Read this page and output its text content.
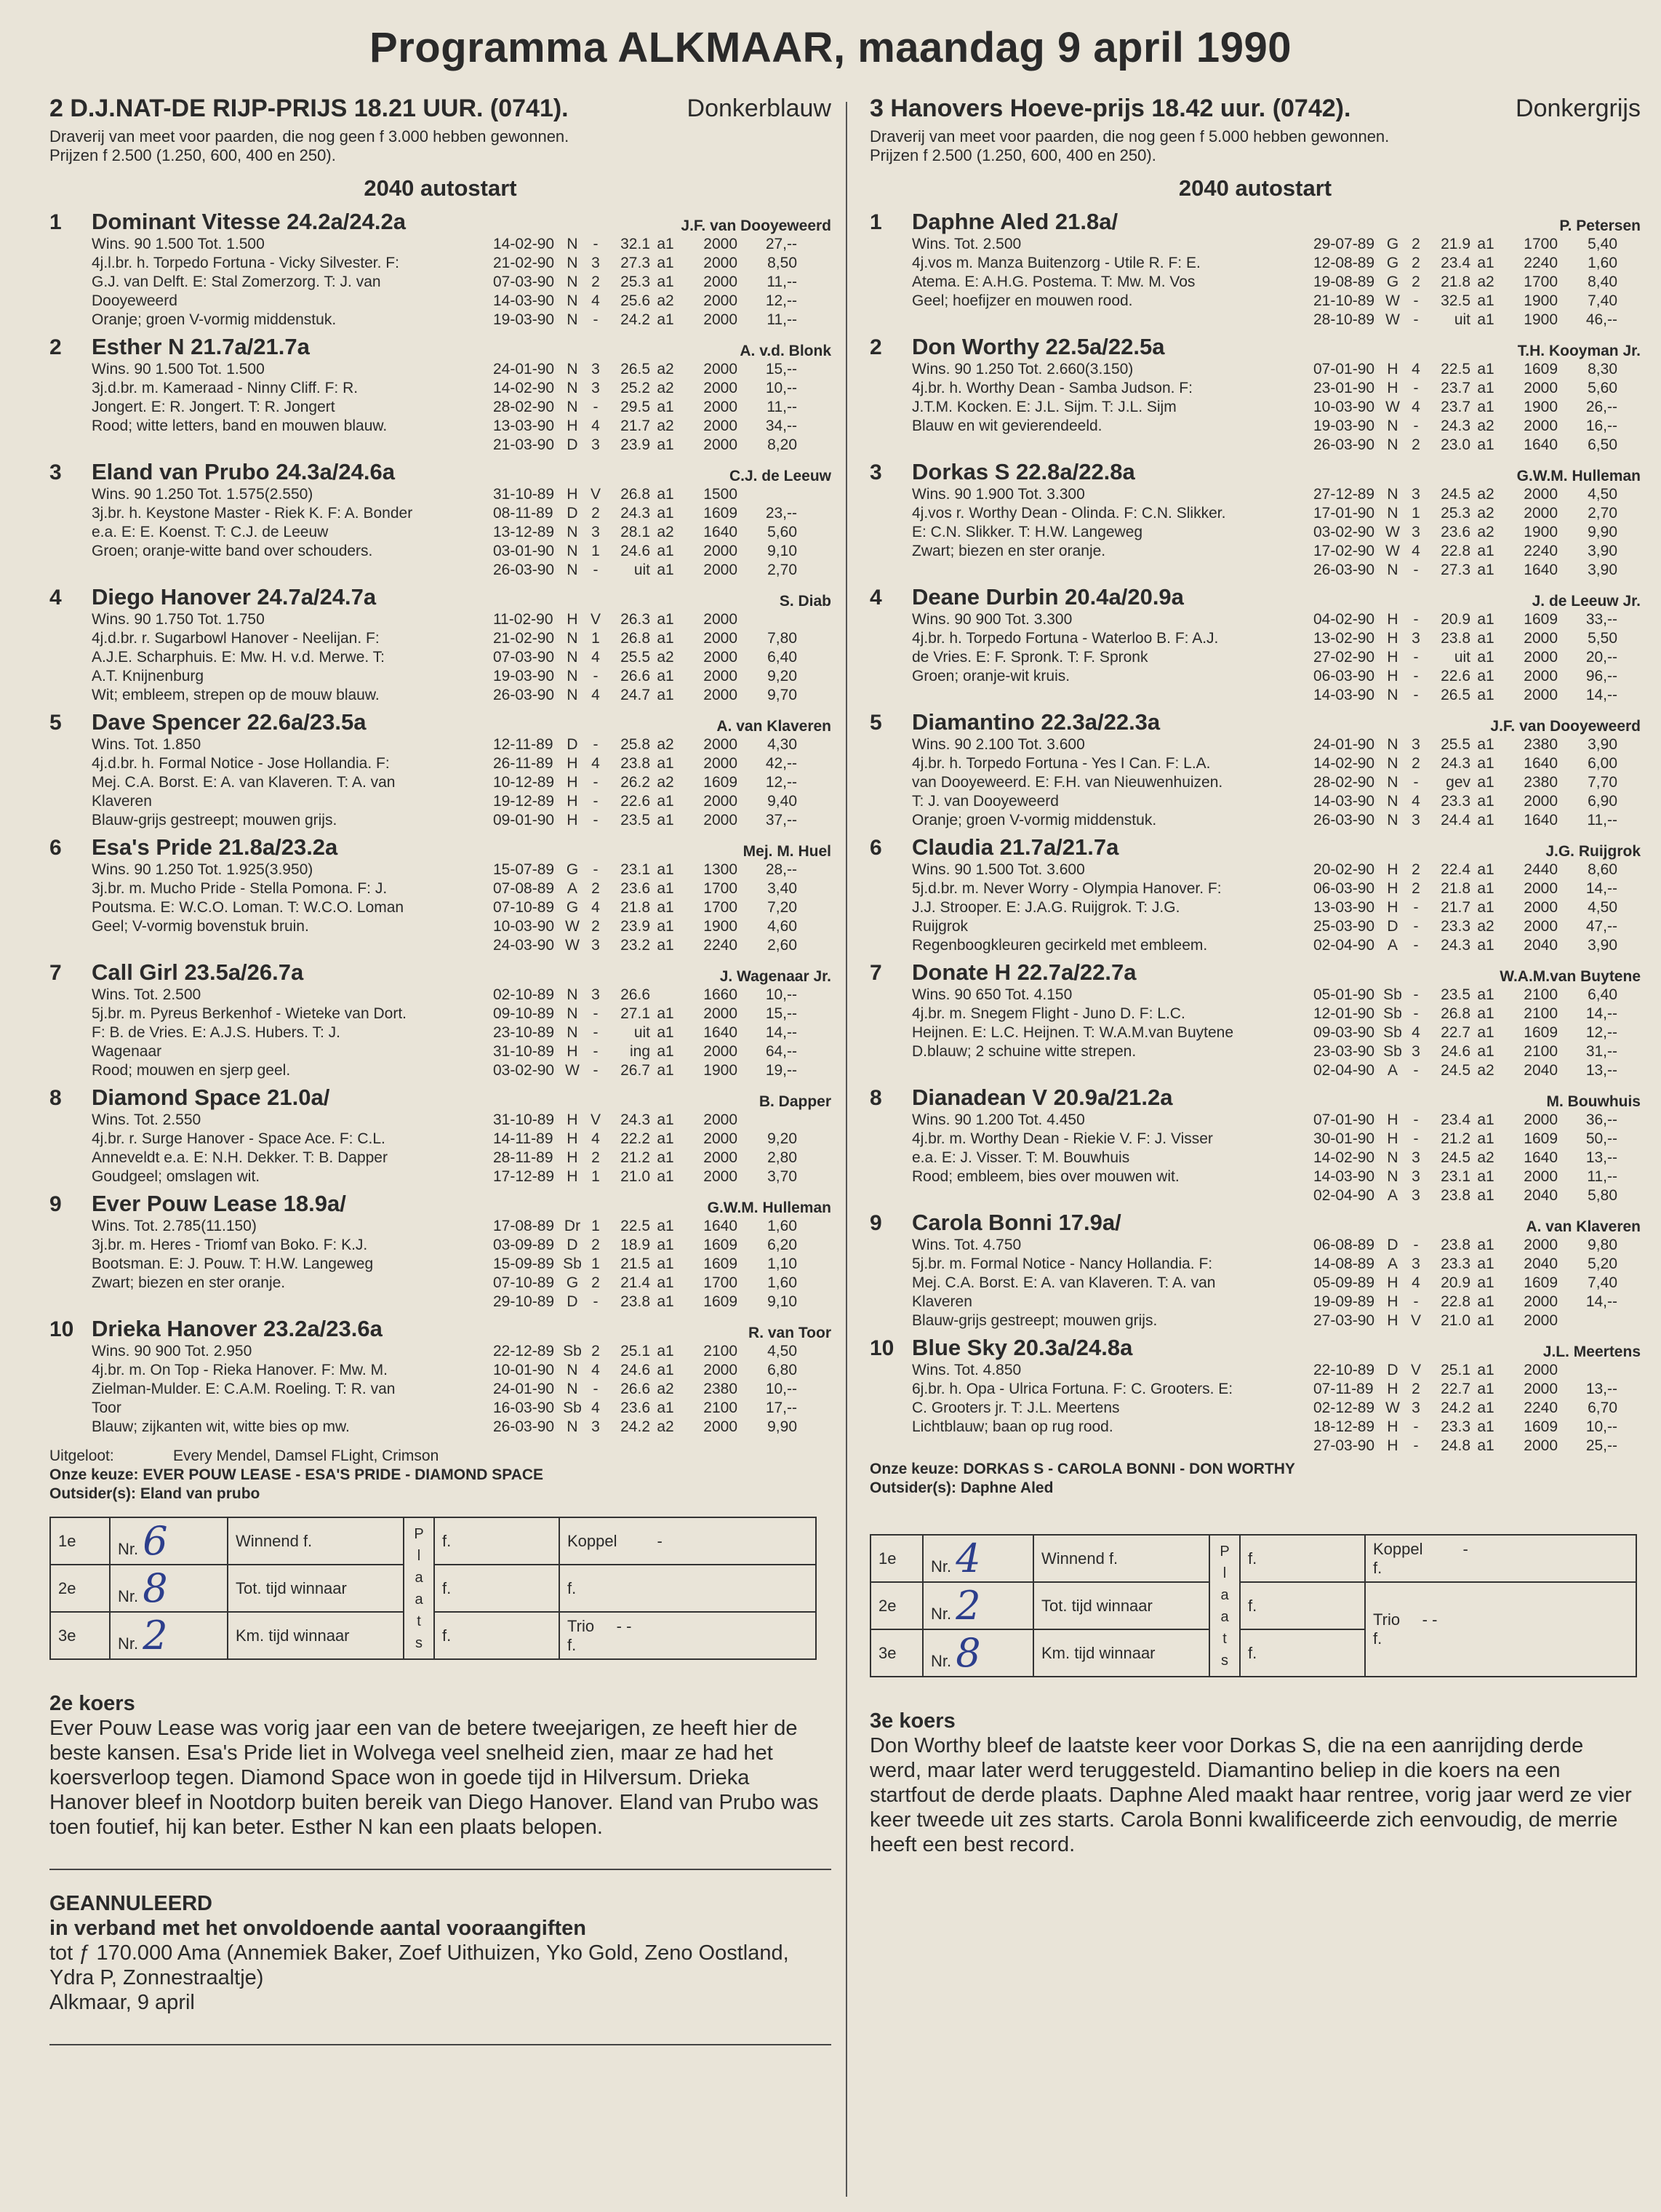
Programma ALKMAAR, maandag 9 april 1990
2 D.J.NAT-DE RIJP-PRIJS 18.21 UUR. (0741).	Donkerblauw
Draverij van meet voor paarden, die nog geen f 3.000 hebben gewonnen.
Prijzen f 2.500 (1.250, 600, 400 en 250).
2040 autostart
1	Dominant Vitesse 24.2a/24.2a	J.F. van Dooyeweerd
Wins. 90 1.500 Tot. 1.500	14-02-90 N -	32.1 a1	2000	27,--
4j.l.br. h. Torpedo Fortuna - Vicky Silvester. F:	21-02-90 N 3	27.3 a1	2000	8,50
G.J. van Delft. E: Stal Zomerzorg. T: J. van	07-03-90 N 2	25.3 a1	2000	11,--
Dooyeweerd	14-03-90 N 4	25.6 a2	2000	12,--
Oranje; groen V-vormig middenstuk.	19-03-90 N -	24.2 a1	2000	11,--
2	Esther N 21.7a/21.7a	A. v.d. Blonk
Wins. 90 1.500 Tot. 1.500	24-01-90 N 3	26.5 a2	2000	15,--
3j.d.br. m. Kameraad - Ninny Cliff. F: R.	14-02-90 N 3	25.2 a2	2000	10,--
Jongert. E: R. Jongert. T: R. Jongert	28-02-90 N -	29.5 a1	2000	11,--
Rood; witte letters, band en mouwen blauw.	13-03-90 H 4	21.7 a2	2000	34,--
21-03-90 D 3	23.9 a1	2000	8,20
3	Eland van Prubo 24.3a/24.6a	C.J. de Leeuw
Wins. 90 1.250 Tot. 1.575(2.550)	31-10-89 H V	26.8 a1	1500
3j.br. h. Keystone Master - Riek K. F: A. Bonder	08-11-89 D 2	24.3 a1	1609	23,--
e.a. E: E. Koenst. T: C.J. de Leeuw	13-12-89 N 3	28.1 a2	1640	5,60
Groen; oranje-witte band over schouders.	03-01-90 N 1	24.6 a1	2000	9,10
26-03-90 N -	uit a1	2000	2,70
4	Diego Hanover 24.7a/24.7a	S. Diab
Wins. 90 1.750 Tot. 1.750	11-02-90 H V	26.3 a1	2000
4j.d.br. r. Sugarbowl Hanover - Neelijan. F:	21-02-90 N 1	26.8 a1	2000	7,80
A.J.E. Scharphuis. E: Mw. H. v.d. Merwe. T:	07-03-90 N 4	25.5 a2	2000	6,40
A.T. Knijnenburg	19-03-90 N -	26.6 a1	2000	9,20
Wit; embleem, strepen op de mouw blauw.	26-03-90 N 4	24.7 a1	2000	9,70
5	Dave Spencer 22.6a/23.5a	A. van Klaveren
Wins. Tot. 1.850	12-11-89 D -	25.8 a2	2000	4,30
4j.d.br. h. Formal Notice - Jose Hollandia. F:	26-11-89 H 4	23.8 a1	2000	42,--
Mej. C.A. Borst. E: A. van Klaveren. T: A. van	10-12-89 H -	26.2 a2	1609	12,--
Klaveren	19-12-89 H -	22.6 a1	2000	9,40
Blauw-grijs gestreept; mouwen grijs.	09-01-90 H -	23.5 a1	2000	37,--
6	Esa's Pride 21.8a/23.2a	Mej. M. Huel
Wins. 90 1.250 Tot. 1.925(3.950)	15-07-89 G -	23.1 a1	1300	28,--
3j.br. m. Mucho Pride - Stella Pomona. F: J.	07-08-89 A 2	23.6 a1	1700	3,40
Poutsma. E: W.C.O. Loman. T: W.C.O. Loman	07-10-89 G 4	21.8 a1	1700	7,20
Geel; V-vormig bovenstuk bruin.	10-03-90 W 2	23.9 a1	1900	4,60
24-03-90 W 3	23.2 a1	2240	2,60
7	Call Girl 23.5a/26.7a	J. Wagenaar Jr.
Wins. Tot. 2.500	02-10-89 N 3	26.6	1660	10,--
5j.br. m. Pyreus Berkenhof - Wieteke van Dort.	09-10-89 N -	27.1 a1	2000	15,--
F: B. de Vries. E: A.J.S. Hubers. T: J.	23-10-89 N -	uit a1	1640	14,--
Wagenaar	31-10-89 H -	ing a1	2000	64,--
Rood; mouwen en sjerp geel.	03-02-90 W -	26.7 a1	1900	19,--
8	Diamond Space 21.0a/	B. Dapper
Wins. Tot. 2.550	31-10-89 H V	24.3 a1	2000
4j.br. r. Surge Hanover - Space Ace. F: C.L.	14-11-89 H 4	22.2 a1	2000	9,20
Anneveldt e.a. E: N.H. Dekker. T: B. Dapper	28-11-89 H 2	21.2 a1	2000	2,80
Goudgeel; omslagen wit.	17-12-89 H 1	21.0 a1	2000	3,70
9	Ever Pouw Lease 18.9a/	G.W.M. Hulleman
Wins. Tot. 2.785(11.150)	17-08-89 Dr 1	22.5 a1	1640	1,60
3j.br. m. Heres - Triomf van Boko. F: K.J.	03-09-89 D 2	18.9 a1	1609	6,20
Bootsman. E: J. Pouw. T: H.W. Langeweg	15-09-89 Sb 1	21.5 a1	1609	1,10
Zwart; biezen en ster oranje.	07-10-89 G 2	21.4 a1	1700	1,60
29-10-89 D -	23.8 a1	1609	9,10
10 Drieka Hanover 23.2a/23.6a	R. van Toor
Wins. 90 900 Tot. 2.950	22-12-89 Sb 2	25.1 a1	2100	4,50
4j.br. m. On Top - Rieka Hanover. F: Mw. M.	10-01-90 N 4	24.6 a1	2000	6,80
Zielman-Mulder. E: C.A.M. Roeling. T: R. van	24-01-90 N -	26.6 a2	2380	10,--
Toor	16-03-90 Sb 4	23.6 a1	2100	17,--
Blauw; zijkanten wit, witte bies op mw.	26-03-90 N 3	24.2 a2	2000	9,90
Uitgeloot:	Every Mendel, Damsel FLight, Crimson
Onze keuze: EVER POUW LEASE - ESA'S PRIDE - DIAMOND SPACE
Outsider(s): Eland van prubo
1e	Nr. 6	Winnend f.	P l a a t s	f.	Koppel -
2e	Nr. 8	Tot. tijd winnaar		f.	f.
3e	Nr. 2	Km. tijd winnaar		f.	Trio - -
f.
2e koers
Ever Pouw Lease was vorig jaar een van de betere tweejarigen, ze heeft hier de beste kansen. Esa's Pride liet in Wolvega veel snelheid zien, maar ze had het koersverloop tegen. Diamond Space won in goede tijd in Hilversum. Drieka Hanover bleef in Nootdorp buiten bereik van Diego Hanover. Eland van Prubo was toen foutief, hij kan beter. Esther N kan een plaats belopen.
GEANNULEERD
in verband met het onvoldoende aantal vooraangiften
tot ƒ 170.000 Ama (Annemiek Baker, Zoef Uithuizen, Yko Gold, Zeno Oostland, Ydra P, Zonnestraaltje)
Alkmaar, 9 april
3 Hanovers Hoeve-prijs 18.42 uur. (0742).	Donkergrijs
Draverij van meet voor paarden, die nog geen f 5.000 hebben gewonnen.
Prijzen f 2.500 (1.250, 600, 400 en 250).
2040 autostart
1	Daphne Aled 21.8a/	P. Petersen
Wins. Tot. 2.500	29-07-89 G 2	21.9 a1	1700	5,40
4j.vos m. Manza Buitenzorg - Utile R. F: E.	12-08-89 G 2	23.4 a1	2240	1,60
Atema. E: A.H.G. Postema. T: Mw. M. Vos	19-08-89 G 2	21.8 a2	1700	8,40
Geel; hoefijzer en mouwen rood.	21-10-89 W -	32.5 a1	1900	7,40
28-10-89 W -	uit a1	1900	46,--
2	Don Worthy 22.5a/22.5a	T.H. Kooyman Jr.
Wins. 90 1.250 Tot. 2.660(3.150)	07-01-90 H 4	22.5 a1	1609	8,30
4j.br. h. Worthy Dean - Samba Judson. F:	23-01-90 H -	23.7 a1	2000	5,60
J.T.M. Kocken. E: J.L. Sijm. T: J.L. Sijm	10-03-90 W 4	23.7 a1	1900	26,--
Blauw en wit gevierendeeld.	19-03-90 N -	24.3 a2	2000	16,--
26-03-90 N 2	23.0 a1	1640	6,50
3	Dorkas S 22.8a/22.8a	G.W.M. Hulleman
Wins. 90 1.900 Tot. 3.300	27-12-89 N 3	24.5 a2	2000	4,50
4j.vos r. Worthy Dean - Olinda. F: C.N. Slikker.	17-01-90 N 1	25.3 a2	2000	2,70
E: C.N. Slikker. T: H.W. Langeweg	03-02-90 W 3	23.6 a2	1900	9,90
Zwart; biezen en ster oranje.	17-02-90 W 4	22.8 a1	2240	3,90
26-03-90 N -	27.3 a1	1640	3,90
4	Deane Durbin 20.4a/20.9a	J. de Leeuw Jr.
Wins. 90 900 Tot. 3.300	04-02-90 H -	20.9 a1	1609	33,--
4j.br. h. Torpedo Fortuna - Waterloo B. F: A.J.	13-02-90 H 3	23.8 a1	2000	5,50
de Vries. E: F. Spronk. T: F. Spronk	27-02-90 H -	uit a1	2000	20,--
Groen; oranje-wit kruis.	06-03-90 H -	22.6 a1	2000	96,--
14-03-90 N -	26.5 a1	2000	14,--
5	Diamantino 22.3a/22.3a	J.F. van Dooyeweerd
Wins. 90 2.100 Tot. 3.600	24-01-90 N 3	25.5 a1	2380	3,90
4j.br. h. Torpedo Fortuna - Yes I Can. F: L.A.	14-02-90 N 2	24.3 a1	1640	6,00
van Dooyeweerd. E: F.H. van Nieuwenhuizen.	28-02-90 N -	gev a1	2380	7,70
T: J. van Dooyeweerd	14-03-90 N 4	23.3 a1	2000	6,90
Oranje; groen V-vormig middenstuk.	26-03-90 N 3	24.4 a1	1640	11,--
6	Claudia 21.7a/21.7a	J.G. Ruijgrok
Wins. 90 1.500 Tot. 3.600	20-02-90 H 2	22.4 a1	2440	8,60
5j.d.br. m. Never Worry - Olympia Hanover. F:	06-03-90 H 2	21.8 a1	2000	14,--
J.J. Strooper. E: J.A.G. Ruijgrok. T: J.G.	13-03-90 H -	21.7 a1	2000	4,50
Ruijgrok	25-03-90 D -	23.3 a2	2000	47,--
Regenboogkleuren gecirkeld met embleem.	02-04-90 A	-	24.3 a1	2040	3,90
7	Donate H 22.7a/22.7a	W.A.M.van Buytene
Wins. 90 650 Tot. 4.150	05-01-90 Sb -	23.5 a1	2100	6,40
4j.br. m. Snegem Flight - Juno D. F: L.C.	12-01-90 Sb -	26.8 a1	2100	14,--
Heijnen. E: L.C. Heijnen. T: W.A.M.van Buytene	09-03-90 Sb 4	22.7 a1	1609	12,--
D.blauw; 2 schuine witte strepen.	23-03-90 Sb 3	24.6 a1	2100	31,--
02-04-90 A	-	24.5 a2	2040	13,--
8	Dianadean V 20.9a/21.2a	M. Bouwhuis
Wins. 90 1.200 Tot. 4.450	07-01-90 H -	23.4 a1	2000	36,--
4j.br. m. Worthy Dean - Riekie V. F: J. Visser	30-01-90 H -	21.2 a1	1609	50,--
e.a. E: J. Visser. T: M. Bouwhuis	14-02-90 N 3	24.5 a2	1640	13,--
Rood; embleem, bies over mouwen wit.	14-03-90 N 3	23.1 a1	2000	11,--
02-04-90 A 3	23.8 a1	2040	5,80
9	Carola Bonni 17.9a/	A. van Klaveren
Wins. Tot. 4.750	06-08-89 D -	23.8 a1	2000	9,80
5j.br. m. Formal Notice - Nancy Hollandia. F:	14-08-89 A 3	23.3 a1	2040	5,20
Mej. C.A. Borst. E: A. van Klaveren. T: A. van	05-09-89 H 4	20.9 a1	1609	7,40
Klaveren	19-09-89 H -	22.8 a1	2000	14,--
Blauw-grijs gestreept; mouwen grijs.	27-03-90 H V	21.0 a1	2000
10 Blue Sky 20.3a/24.8a	J.L. Meertens
Wins. Tot. 4.850	22-10-89 D V	25.1 a1	2000
6j.br. h. Opa - Ulrica Fortuna. F: C. Grooters. E:	07-11-89 H 2	22.7 a1	2000	13,--
C. Grooters jr. T: J.L. Meertens	02-12-89 W 3	24.2 a1	2240	6,70
Lichtblauw; baan op rug rood.	18-12-89 H -	23.3 a1	1609	10,--
27-03-90 H -	24.8 a1	2000	25,--
Onze keuze: DORKAS S - CAROLA BONNI - DON WORTHY
Outsider(s): Daphne Aled
1e	Nr. 4	Winnend f.	P l a a t s	f.	Koppel -
f.
2e	Nr. 2	Tot. tijd winnaar		f.	Trio - -
f.
3e	Nr. 8	Km. tijd winnaar		f.	
3e koers
Don Worthy bleef de laatste keer voor Dorkas S, die na een aanrijding derde werd, maar later werd teruggesteld. Diamantino beliep in die koers na een startfout de derde plaats. Daphne Aled maakt haar rentree, vorig jaar werd ze vier keer tweede uit zes starts. Carola Bonni kwalificeerde zich eenvoudig, de merrie heeft een best record.
